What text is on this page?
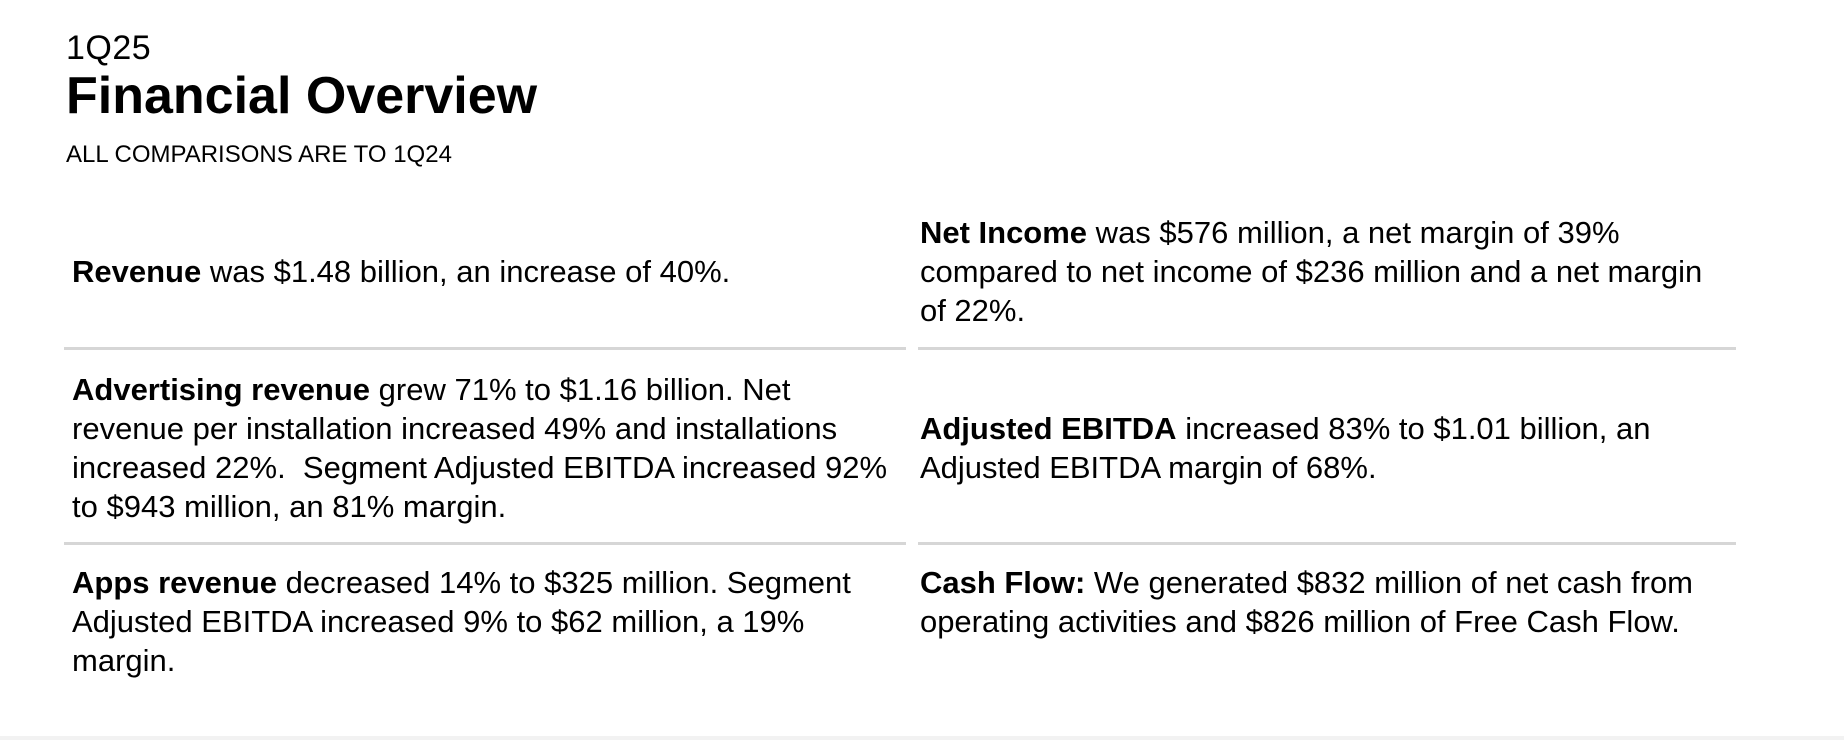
1Q25
Financial Overview
ALL COMPARISONS ARE TO 1Q24
Revenue was $1.48 billion, an increase of 40%.
Net Income was $576 million, a net margin of 39% compared to net income of $236 million and a net margin of 22%.
Advertising revenue grew 71% to $1.16 billion. Net revenue per installation increased 49% and installations increased 22%.  Segment Adjusted EBITDA increased 92% to $943 million, an 81% margin.
Adjusted EBITDA increased 83% to $1.01 billion, an Adjusted EBITDA margin of 68%.
Apps revenue decreased 14% to $325 million. Segment Adjusted EBITDA increased 9% to $62 million, a 19% margin.
Cash Flow: We generated $832 million of net cash from operating activities and $826 million of Free Cash Flow.
